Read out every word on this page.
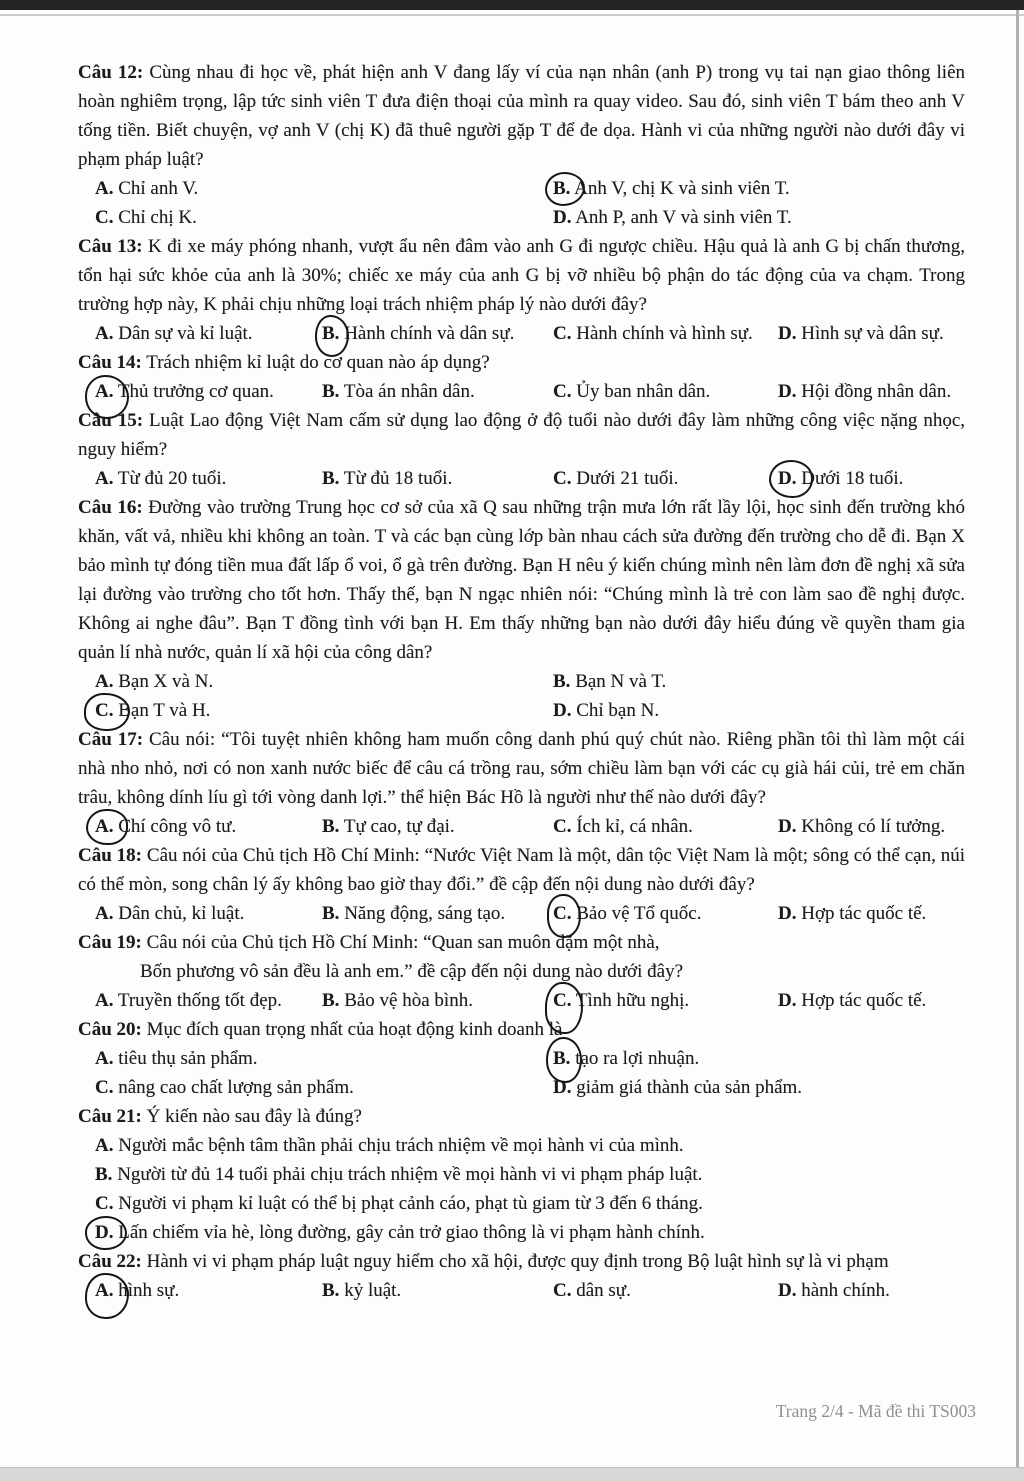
Câu 12: Cùng nhau đi học về, phát hiện anh V đang lấy ví của nạn nhân (anh P) trong vụ tai nạn giao thông liên hoàn nghiêm trọng, lập tức sinh viên T đưa điện thoại của mình ra quay video. Sau đó, sinh viên T bám theo anh V tống tiền. Biết chuyện, vợ anh V (chị K) đã thuê người gặp T để đe dọa. Hành vi của những người nào dưới đây vi phạm pháp luật?

A. Chỉ anh V.	B. Anh V, chị K và sinh viên T.
C. Chỉ chị K.	D. Anh P, anh V và sinh viên T.

Câu 13: K đi xe máy phóng nhanh, vượt ẩu nên đâm vào anh G đi ngược chiều. Hậu quả là anh G bị chấn thương, tổn hại sức khỏe của anh là 30%; chiếc xe máy của anh G bị vỡ nhiều bộ phận do tác động của va chạm. Trong trường hợp này, K phải chịu những loại trách nhiệm pháp lý nào dưới đây?

A. Dân sự và kỉ luật.	B. Hành chính và dân sự.	C. Hành chính và hình sự.	D. Hình sự và dân sự.

Câu 14: Trách nhiệm kỉ luật do cơ quan nào áp dụng?

A. Thủ trưởng cơ quan.	B. Tòa án nhân dân.	C. Ủy ban nhân dân.	D. Hội đồng nhân dân.

Câu 15: Luật Lao động Việt Nam cấm sử dụng lao động ở độ tuổi nào dưới đây làm những công việc nặng nhọc, nguy hiểm?

A. Từ đủ 20 tuổi.	B. Từ đủ 18 tuổi.	C. Dưới 21 tuổi.	D. Dưới 18 tuổi.

Câu 16: Đường vào trường Trung học cơ sở của xã Q sau những trận mưa lớn rất lầy lội, học sinh đến trường khó khăn, vất vả, nhiều khi không an toàn. T và các bạn cùng lớp bàn nhau cách sửa đường đến trường cho dễ đi. Bạn X bảo mình tự đóng tiền mua đất lấp ổ voi, ổ gà trên đường. Bạn H nêu ý kiến chúng mình nên làm đơn đề nghị xã sửa lại đường vào trường cho tốt hơn. Thấy thế, bạn N ngạc nhiên nói: “Chúng mình là trẻ con làm sao đề nghị được. Không ai nghe đâu”. Bạn T đồng tình với bạn H. Em thấy những bạn nào dưới đây hiểu đúng về quyền tham gia quản lí nhà nước, quản lí xã hội của công dân?

A. Bạn X và N.	B. Bạn N và T.
C. Bạn T và H.	D. Chỉ bạn N.

Câu 17: Câu nói: “Tôi tuyệt nhiên không ham muốn công danh phú quý chút nào. Riêng phần tôi thì làm một cái nhà nho nhỏ, nơi có non xanh nước biếc để câu cá trồng rau, sớm chiều làm bạn với các cụ già hái củi, trẻ em chăn trâu, không dính líu gì tới vòng danh lợi.” thể hiện Bác Hồ là người như thế nào dưới đây?

A. Chí công vô tư.	B. Tự cao, tự đại.	C. Ích kỉ, cá nhân.	D. Không có lí tưởng.

Câu 18: Câu nói của Chủ tịch Hồ Chí Minh: “Nước Việt Nam là một, dân tộc Việt Nam là một; sông có thể cạn, núi có thể mòn, song chân lý ấy không bao giờ thay đổi.” đề cập đến nội dung nào dưới đây?

A. Dân chủ, kỉ luật.	B. Năng động, sáng tạo.	C. Bảo vệ Tổ quốc.	D. Hợp tác quốc tế.

Câu 19: Câu nói của Chủ tịch Hồ Chí Minh: “Quan san muôn dặm một nhà,

Bốn phương vô sản đều là anh em.” đề cập đến nội dung nào dưới đây?

A. Truyền thống tốt đẹp.	B. Bảo vệ hòa bình.	C. Tình hữu nghị.	D. Hợp tác quốc tế.

Câu 20: Mục đích quan trọng nhất của hoạt động kinh doanh là

A. tiêu thụ sản phẩm.	B. tạo ra lợi nhuận.
C. nâng cao chất lượng sản phẩm.	D. giảm giá thành của sản phẩm.

Câu 21: Ý kiến nào sau đây là đúng?

A. Người mắc bệnh tâm thần phải chịu trách nhiệm về mọi hành vi của mình.
B. Người từ đủ 14 tuổi phải chịu trách nhiệm về mọi hành vi vi phạm pháp luật.
C. Người vi phạm kỉ luật có thể bị phạt cảnh cáo, phạt tù giam từ 3 đến 6 tháng.
D. Lấn chiếm vỉa hè, lòng đường, gây cản trở giao thông là vi phạm hành chính.

Câu 22: Hành vi vi phạm pháp luật nguy hiểm cho xã hội, được quy định trong Bộ luật hình sự là vi phạm

A. hình sự.	B. kỷ luật.	C. dân sự.	D. hành chính.
Trang 2/4 - Mã đề thi TS003
